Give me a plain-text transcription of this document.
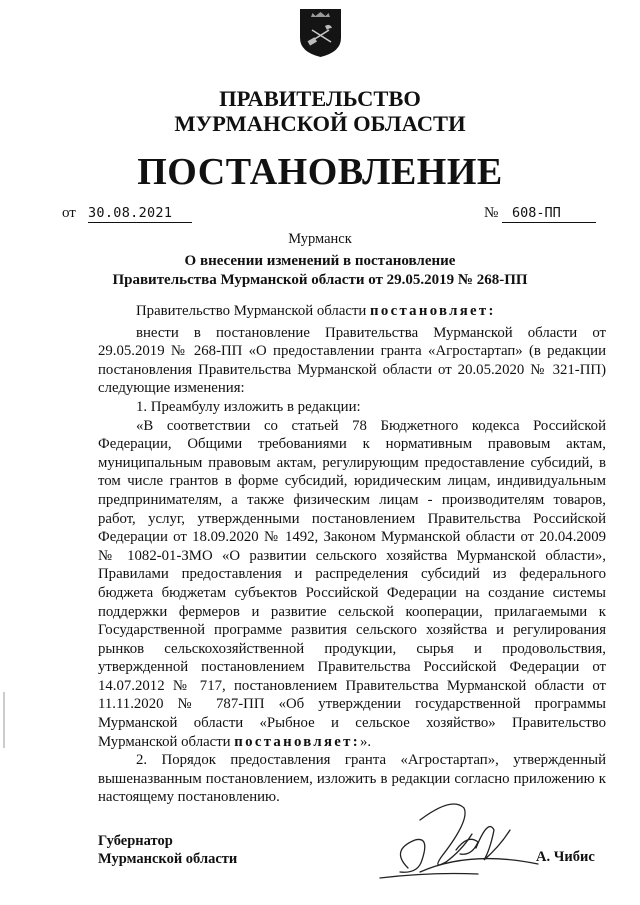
ПРАВИТЕЛЬСТВО
МУРМАНСКОЙ ОБЛАСТИ
ПОСТАНОВЛЕНИЕ
от 30.08.2021	№	608-ПП
Мурманск
О внесении изменений в постановление
Правительства Мурманской области от 29.05.2019 № 268-ПП

Правительство Мурманской области постановляет:

внести в постановление Правительства Мурманской области от 29.05.2019 № 268-ПП «О предоставлении гранта «Агростартап» (в редакции постановления Правительства Мурманской области от 20.05.2020 № 321-ПП) следующие изменения:

1. Преамбулу изложить в редакции:

«В соответствии со статьей 78 Бюджетного кодекса Российской Федерации, Общими требованиями к нормативным правовым актам, муниципальным правовым актам, регулирующим предоставление субсидий, в том числе грантов в форме субсидий, юридическим лицам, индивидуальным предпринимателям, а также физическим лицам - производителям товаров, работ, услуг, утвержденными постановлением Правительства Российской Федерации от 18.09.2020 № 1492, Законом Мурманской области от 20.04.2009 № 1082-01-ЗМО «О развитии сельского хозяйства Мурманской области», Правилами предоставления и распределения субсидий из федерального бюджета бюджетам субъектов Российской Федерации на создание системы поддержки фермеров и развитие сельской кооперации, прилагаемыми к Государственной программе развития сельского хозяйства и регулирования рынков сельскохозяйственной продукции, сырья и продовольствия, утвержденной постановлением Правительства Российской Федерации от 14.07.2012 № 717, постановлением Правительства Мурманской области от 11.11.2020 № 787-ПП «Об утверждении государственной программы Мурманской области «Рыбное и сельское хозяйство» Правительство Мурманской области постановляет:».

2. Порядок предоставления гранта «Агростартап», утвержденный вышеназванным постановлением, изложить в редакции согласно приложению к настоящему постановлению.

Губернатор
Мурманской области	А. Чибис
